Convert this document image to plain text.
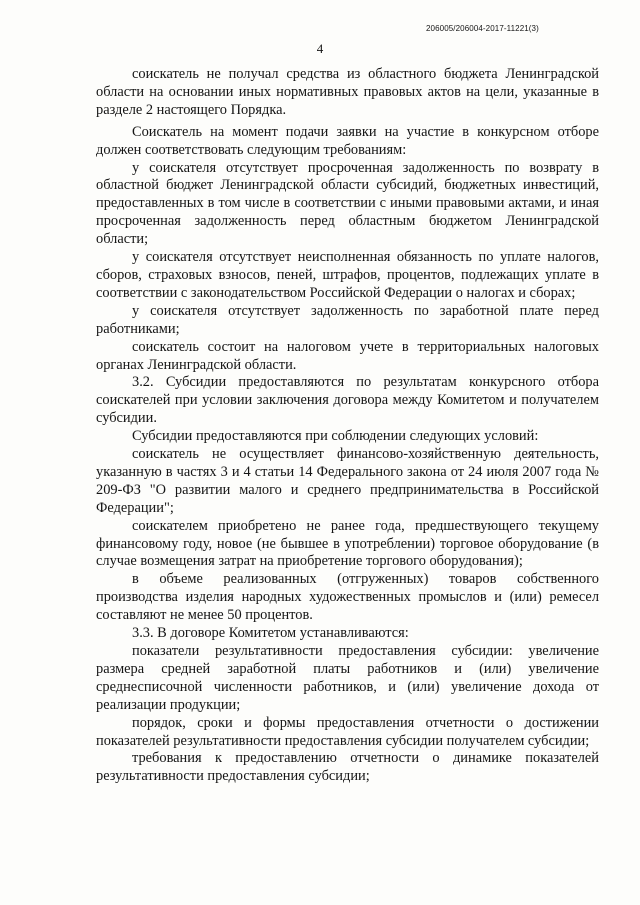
206005/206004-2017-11221(3)
4

соискатель не получал средства из областного бюджета Ленинградской области на основании иных нормативных правовых актов на цели, указанные в разделе 2 настоящего Порядка.

Соискатель на момент подачи заявки на участие в конкурсном отборе должен соответствовать следующим требованиям:

у соискателя отсутствует просроченная задолженность по возврату в областной бюджет Ленинградской области субсидий, бюджетных инвестиций, предоставленных в том числе в соответствии с иными правовыми актами, и иная просроченная задолженность перед областным бюджетом Ленинградской области;

у соискателя отсутствует неисполненная обязанность по уплате налогов, сборов, страховых взносов, пеней, штрафов, процентов, подлежащих уплате в соответствии с законодательством Российской Федерации о налогах и сборах;

у соискателя отсутствует задолженность по заработной плате перед работниками;

соискатель состоит на налоговом учете в территориальных налоговых органах Ленинградской области.

3.2. Субсидии предоставляются по результатам конкурсного отбора соискателей при условии заключения договора между Комитетом и получателем субсидии.

Субсидии предоставляются при соблюдении следующих условий:

соискатель не осуществляет финансово-хозяйственную деятельность, указанную в частях 3 и 4 статьи 14 Федерального закона от 24 июля 2007 года № 209-ФЗ "О развитии малого и среднего предпринимательства в Российской Федерации";

соискателем приобретено не ранее года, предшествующего текущему финансовому году, новое (не бывшее в употреблении) торговое оборудование (в случае возмещения затрат на приобретение торгового оборудования);

в объеме реализованных (отгруженных) товаров собственного производства изделия народных художественных промыслов и (или) ремесел составляют не менее 50 процентов.

3.3. В договоре Комитетом устанавливаются:

показатели результативности предоставления субсидии: увеличение размера средней заработной платы работников и (или) увеличение среднесписочной численности работников, и (или) увеличение дохода от реализации продукции;

порядок, сроки и формы предоставления отчетности о достижении показателей результативности предоставления субсидии получателем субсидии;

требования к предоставлению отчетности о динамике показателей результативности предоставления субсидии;
